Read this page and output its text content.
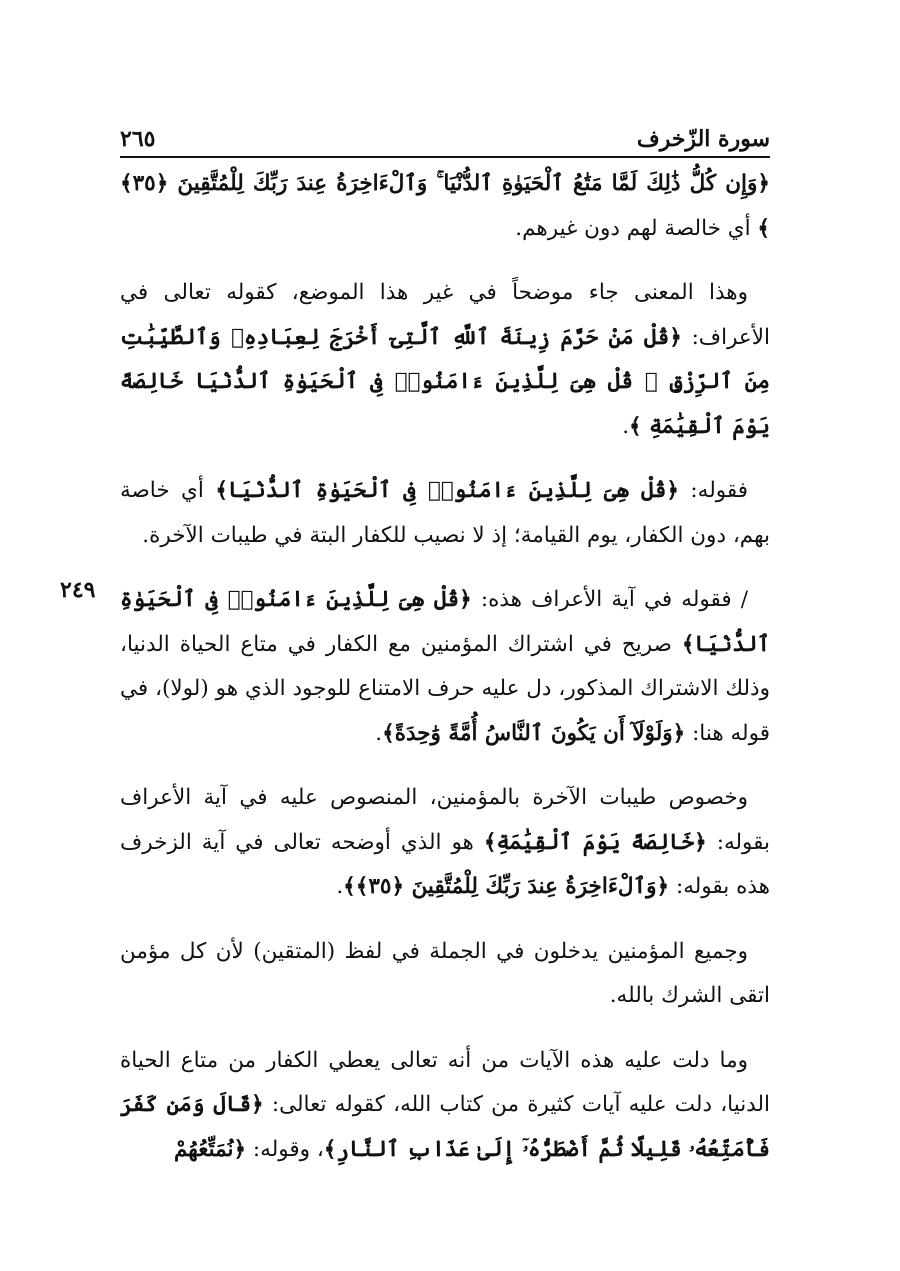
سورة الزّخرف
٢٦٥
٢٤٩

﴿وَإِن كُلُّ ذَٰلِكَ لَمَّا مَتَٰعُ ٱلْحَيَوٰةِ ٱلدُّنْيَا ۚ وَٱلْءَاخِرَةُ عِندَ رَبِّكَ لِلْمُتَّقِينَ ﴿٣٥﴾ ﴾ أي خالصة لهم دون غيرهم.

وهذا المعنى جاء موضحاً في غير هذا الموضع، كقوله تعالى في الأعراف: ﴿قُلْ مَنْ حَرَّمَ زِينَةَ ٱللَّهِ ٱلَّتِىٓ أَخْرَجَ لِعِبَادِهِۦ وَٱلطَّيِّبَٰتِ مِنَ ٱلرِّزْقِ ۚ قُلْ هِىَ لِلَّذِينَ ءَامَنُوا۟ فِى ٱلْحَيَوٰةِ ٱلدُّنْيَا خَالِصَةً يَوْمَ ٱلْقِيَٰمَةِ ﴾.

فقوله: ﴿قُلْ هِىَ لِلَّذِينَ ءَامَنُوا۟ فِى ٱلْحَيَوٰةِ ٱلدُّنْيَا﴾ أي خاصة بهم، دون الكفار، يوم القيامة؛ إذ لا نصيب للكفار البتة في طيبات الآخرة.

/ فقوله في آية الأعراف هذه: ﴿قُلْ هِىَ لِلَّذِينَ ءَامَنُوا۟ فِى ٱلْحَيَوٰةِ ٱلدُّنْيَا﴾ صريح في اشتراك المؤمنين مع الكفار في متاع الحياة الدنيا، وذلك الاشتراك المذكور، دل عليه حرف الامتناع للوجود الذي هو (لولا)، في قوله هنا: ﴿وَلَوْلَآ أَن يَكُونَ ٱلنَّاسُ أُمَّةً وَٰحِدَةً﴾.

وخصوص طيبات الآخرة بالمؤمنين، المنصوص عليه في آية الأعراف بقوله: ﴿خَالِصَةً يَوْمَ ٱلْقِيَٰمَةِ﴾ هو الذي أوضحه تعالى في آية الزخرف هذه بقوله: ﴿وَٱلْءَاخِرَةُ عِندَ رَبِّكَ لِلْمُتَّقِينَ ﴿٣٥﴾﴾.

وجميع المؤمنين يدخلون في الجملة في لفظ (المتقين) لأن كل مؤمن اتقى الشرك بالله.

وما دلت عليه هذه الآيات من أنه تعالى يعطي الكفار من متاع الحياة الدنيا، دلت عليه آيات كثيرة من كتاب الله، كقوله تعالى: ﴿قَالَ وَمَن كَفَرَ فَأُمَتِّعُهُۥ قَلِيلًا ثُمَّ أَضْطَرُّهُۥٓ إِلَىٰ عَذَابِ ٱلنَّارِ﴾، وقوله: ﴿نُمَتِّعُهُمْ
